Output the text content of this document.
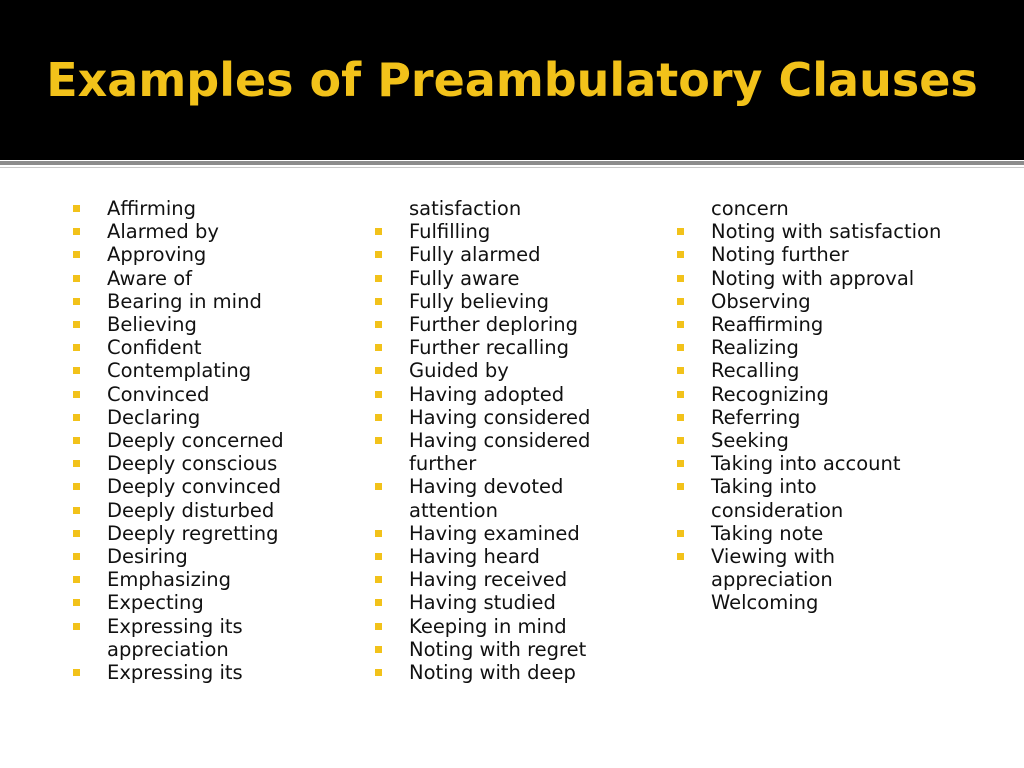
Examples of Preambulatory Clauses
Affirming
Alarmed by
Approving
Aware of
Bearing in mind
Believing
Confident
Contemplating
Convinced
Declaring
Deeply concerned
Deeply conscious
Deeply convinced
Deeply disturbed
Deeply regretting
Desiring
Emphasizing
Expecting
Expressing its
appreciation
Expressing its
satisfaction
Fulfilling
Fully alarmed
Fully aware
Fully believing
Further deploring
Further recalling
Guided by
Having adopted
Having considered
Having considered
further
Having devoted
attention
Having examined
Having heard
Having received
Having studied
Keeping in mind
Noting with regret
Noting with deep
concern
Noting with satisfaction
Noting further
Noting with approval
Observing
Reaffirming
Realizing
Recalling
Recognizing
Referring
Seeking
Taking into account
Taking into
consideration
Taking note
Viewing with
appreciation
Welcoming
